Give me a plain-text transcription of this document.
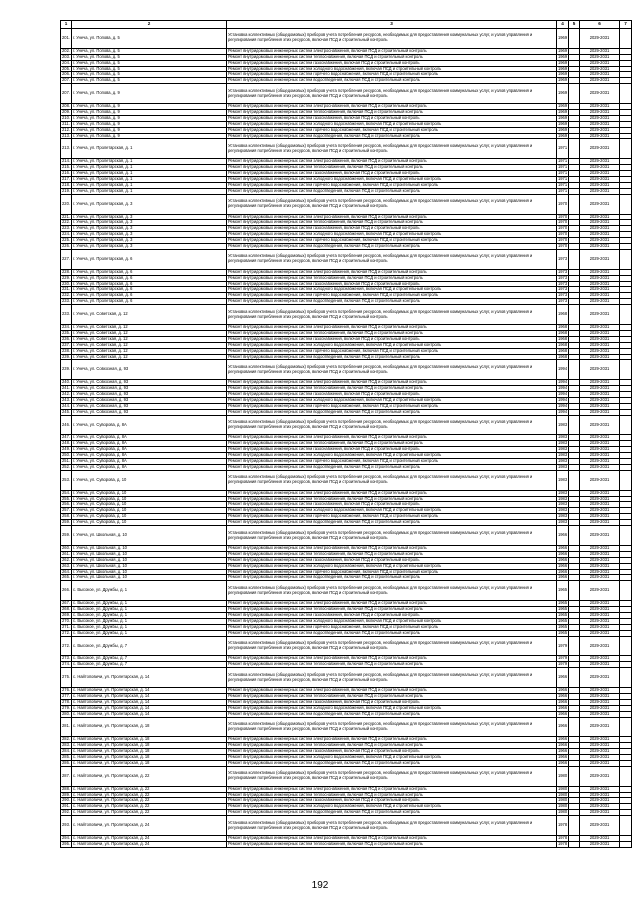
1	2	3	4	5	6	7
201.	г. Унеча, ул. Попова, д. 5	Установка коллективных (общедомовых) приборов учета потребления ресурсов, необходимых для предоставления коммунальных услуг, и узлов управления и регулирования потребления этих ресурсов, включая ПСД и строительный контроль	1969		2029-2031	
202.	г. Унеча, ул. Попова, д. 5	Ремонт внутридомовых инженерных систем электроснабжения, включая ПСД и строительный контроль	1969		2029-2031	
203.	г. Унеча, ул. Попова, д. 5	Ремонт внутридомовых инженерных систем теплоснабжения, включая ПСД и строительный контроль	1969		2029-2031	
204.	г. Унеча, ул. Попова, д. 5	Ремонт внутридомовых инженерных систем газоснабжения, включая ПСД и строительный контроль	1969		2029-2031	
205.	г. Унеча, ул. Попова, д. 5	Ремонт внутридомовых инженерных систем холодного водоснабжения, включая ПСД и строительный контроль	1969		2029-2031	
206.	г. Унеча, ул. Попова, д. 5	Ремонт внутридомовых инженерных систем горячего водоснабжения, включая ПСД и строительный контроль	1969		2029-2031	
207.	г. Унеча, ул. Попова, д. 5	Ремонт внутридомовых инженерных систем водоотведения, включая ПСД и строительный контроль	1969		2029-2031	
207.	г. Унеча, ул. Попова, д. 9	Установка коллективных (общедомовых) приборов учета потребления ресурсов, необходимых для предоставления коммунальных услуг, и узлов управления и регулирования потребления этих ресурсов, включая ПСД и строительный контроль	1969		2029-2031	
208.	г. Унеча, ул. Попова, д. 9	Ремонт внутридомовых инженерных систем электроснабжения, включая ПСД и строительный контроль	1969		2029-2031	
209.	г. Унеча, ул. Попова, д. 9	Ремонт внутридомовых инженерных систем теплоснабжения, включая ПСД и строительный контроль	1969		2029-2031	
210.	г. Унеча, ул. Попова, д. 9	Ремонт внутридомовых инженерных систем газоснабжения, включая ПСД и строительный контроль	1969		2029-2031	
211.	г. Унеча, ул. Попова, д. 9	Ремонт внутридомовых инженерных систем холодного водоснабжения, включая ПСД и строительный контроль	1969		2029-2031	
212.	г. Унеча, ул. Попова, д. 9	Ремонт внутридомовых инженерных систем горячего водоснабжения, включая ПСД и строительный контроль	1969		2029-2031	
213.	г. Унеча, ул. Попова, д. 9	Ремонт внутридомовых инженерных систем водоотведения, включая ПСД и строительный контроль	1969		2029-2031	
213.	г. Унеча, ул. Пролетарская, д. 1	Установка коллективных (общедомовых) приборов учета потребления ресурсов, необходимых для предоставления коммунальных услуг, и узлов управления и регулирования потребления этих ресурсов, включая ПСД и строительный контроль	1971		2029-2031	
214.	г. Унеча, ул. Пролетарская, д. 1	Ремонт внутридомовых инженерных систем электроснабжения, включая ПСД и строительный контроль	1971		2029-2031	
215.	г. Унеча, ул. Пролетарская, д. 1	Ремонт внутридомовых инженерных систем теплоснабжения, включая ПСД и строительный контроль	1971		2029-2031	
216.	г. Унеча, ул. Пролетарская, д. 1	Ремонт внутридомовых инженерных систем газоснабжения, включая ПСД и строительный контроль	1971		2029-2031	
217.	г. Унеча, ул. Пролетарская, д. 1	Ремонт внутридомовых инженерных систем холодного водоснабжения, включая ПСД и строительный контроль	1971		2029-2031	
218.	г. Унеча, ул. Пролетарская, д. 1	Ремонт внутридомовых инженерных систем горячего водоснабжения, включая ПСД и строительный контроль	1971		2029-2031	
219.	г. Унеча, ул. Пролетарская, д. 1	Ремонт внутридомовых инженерных систем водоотведения, включая ПСД и строительный контроль	1971		2029-2031	
220.	г. Унеча, ул. Пролетарская, д. 3	Установка коллективных (общедомовых) приборов учета потребления ресурсов, необходимых для предоставления коммунальных услуг, и узлов управления и регулирования потребления этих ресурсов, включая ПСД и строительный контроль	1970		2029-2031	
221.	г. Унеча, ул. Пролетарская, д. 3	Ремонт внутридомовых инженерных систем электроснабжения, включая ПСД и строительный контроль	1970		2029-2031	
222.	г. Унеча, ул. Пролетарская, д. 3	Ремонт внутридомовых инженерных систем теплоснабжения, включая ПСД и строительный контроль	1970		2029-2031	
223.	г. Унеча, ул. Пролетарская, д. 3	Ремонт внутридомовых инженерных систем газоснабжения, включая ПСД и строительный контроль	1970		2029-2031	
224.	г. Унеча, ул. Пролетарская, д. 3	Ремонт внутридомовых инженерных систем холодного водоснабжения, включая ПСД и строительный контроль	1970		2029-2031	
225.	г. Унеча, ул. Пролетарская, д. 3	Ремонт внутридомовых инженерных систем горячего водоснабжения, включая ПСД и строительный контроль	1970		2029-2031	
226.	г. Унеча, ул. Пролетарская, д. 3	Ремонт внутридомовых инженерных систем водоотведения, включая ПСД и строительный контроль	1970		2029-2031	
227.	г. Унеча, ул. Пролетарская, д. 6	Установка коллективных (общедомовых) приборов учета потребления ресурсов, необходимых для предоставления коммунальных услуг, и узлов управления и регулирования потребления этих ресурсов, включая ПСД и строительный контроль	1973		2029-2031	
228.	г. Унеча, ул. Пролетарская, д. 6	Ремонт внутридомовых инженерных систем электроснабжения, включая ПСД и строительный контроль	1973		2029-2031	
229.	г. Унеча, ул. Пролетарская, д. 6	Ремонт внутридомовых инженерных систем теплоснабжения, включая ПСД и строительный контроль	1973		2029-2031	
230.	г. Унеча, ул. Пролетарская, д. 6	Ремонт внутридомовых инженерных систем газоснабжения, включая ПСД и строительный контроль	1973		2029-2031	
231.	г. Унеча, ул. Пролетарская, д. 6	Ремонт внутридомовых инженерных систем холодного водоснабжения, включая ПСД и строительный контроль	1973		2029-2031	
232.	г. Унеча, ул. Пролетарская, д. 6	Ремонт внутридомовых инженерных систем горячего водоснабжения, включая ПСД и строительный контроль	1973		2029-2031	
233.	г. Унеча, ул. Пролетарская, д. 6	Ремонт внутридомовых инженерных систем водоотведения, включая ПСД и строительный контроль	1973		2029-2031	
233.	г. Унеча, ул. Советская, д. 12	Установка коллективных (общедомовых) приборов учета потребления ресурсов, необходимых для предоставления коммунальных услуг, и узлов управления и регулирования потребления этих ресурсов, включая ПСД и строительный контроль	1968		2029-2031	
234.	г. Унеча, ул. Советская, д. 12	Ремонт внутридомовых инженерных систем электроснабжения, включая ПСД и строительный контроль	1968		2029-2031	
235.	г. Унеча, ул. Советская, д. 12	Ремонт внутридомовых инженерных систем теплоснабжения, включая ПСД и строительный контроль	1968		2029-2031	
236.	г. Унеча, ул. Советская, д. 12	Ремонт внутридомовых инженерных систем газоснабжения, включая ПСД и строительный контроль	1968		2029-2031	
237.	г. Унеча, ул. Советская, д. 12	Ремонт внутридомовых инженерных систем холодного водоснабжения, включая ПСД и строительный контроль	1968		2029-2031	
238.	г. Унеча, ул. Советская, д. 12	Ремонт внутридомовых инженерных систем горячего водоснабжения, включая ПСД и строительный контроль	1968		2029-2031	
239.	г. Унеча, ул. Советская, д. 12	Ремонт внутридомовых инженерных систем водоотведения, включая ПСД и строительный контроль	1968		2029-2031	
239.	г. Унеча, ул. Совхозная, д. 93	Установка коллективных (общедомовых) приборов учета потребления ресурсов, необходимых для предоставления коммунальных услуг, и узлов управления и регулирования потребления этих ресурсов, включая ПСД и строительный контроль	1994		2029-2031	
240.	г. Унеча, ул. Совхозная, д. 93	Ремонт внутридомовых инженерных систем электроснабжения, включая ПСД и строительный контроль	1994		2029-2031	
241.	г. Унеча, ул. Совхозная, д. 93	Ремонт внутридомовых инженерных систем теплоснабжения, включая ПСД и строительный контроль	1994		2029-2031	
242.	г. Унеча, ул. Совхозная, д. 93	Ремонт внутридомовых инженерных систем газоснабжения, включая ПСД и строительный контроль	1994		2029-2031	
243.	г. Унеча, ул. Совхозная, д. 93	Ремонт внутридомовых инженерных систем холодного водоснабжения, включая ПСД и строительный контроль	1994		2029-2031	
244.	г. Унеча, ул. Совхозная, д. 93	Ремонт внутридомовых инженерных систем горячего водоснабжения, включая ПСД и строительный контроль	1994		2029-2031	
245.	г. Унеча, ул. Совхозная, д. 93	Ремонт внутридомовых инженерных систем водоотведения, включая ПСД и строительный контроль	1994		2029-2031	
246.	г. Унеча, ул. Суворова, д. 8А	Установка коллективных (общедомовых) приборов учета потребления ресурсов, необходимых для предоставления коммунальных услуг, и узлов управления и регулирования потребления этих ресурсов, включая ПСД и строительный контроль	1983		2029-2031	
247.	г. Унеча, ул. Суворова, д. 8А	Ремонт внутридомовых инженерных систем электроснабжения, включая ПСД и строительный контроль	1983		2029-2031	
248.	г. Унеча, ул. Суворова, д. 8А	Ремонт внутридомовых инженерных систем теплоснабжения, включая ПСД и строительный контроль	1983		2029-2031	
249.	г. Унеча, ул. Суворова, д. 8А	Ремонт внутридомовых инженерных систем газоснабжения, включая ПСД и строительный контроль	1983		2029-2031	
250.	г. Унеча, ул. Суворова, д. 8А	Ремонт внутридомовых инженерных систем холодного водоснабжения, включая ПСД и строительный контроль	1983		2029-2031	
251.	г. Унеча, ул. Суворова, д. 8А	Ремонт внутридомовых инженерных систем горячего водоснабжения, включая ПСД и строительный контроль	1983		2029-2031	
252.	г. Унеча, ул. Суворова, д. 8А	Ремонт внутридомовых инженерных систем водоотведения, включая ПСД и строительный контроль	1983		2029-2031	
253.	г. Унеча, ул. Суворова, д. 10	Установка коллективных (общедомовых) приборов учета потребления ресурсов, необходимых для предоставления коммунальных услуг, и узлов управления и регулирования потребления этих ресурсов, включая ПСД и строительный контроль	1983		2029-2031	
254.	г. Унеча, ул. Суворова, д. 10	Ремонт внутридомовых инженерных систем электроснабжения, включая ПСД и строительный контроль	1983		2029-2031	
255.	г. Унеча, ул. Суворова, д. 10	Ремонт внутридомовых инженерных систем теплоснабжения, включая ПСД и строительный контроль	1983		2029-2031	
256.	г. Унеча, ул. Суворова, д. 10	Ремонт внутридомовых инженерных систем газоснабжения, включая ПСД и строительный контроль	1983		2029-2031	
257.	г. Унеча, ул. Суворова, д. 10	Ремонт внутридомовых инженерных систем холодного водоснабжения, включая ПСД и строительный контроль	1983		2029-2031	
258.	г. Унеча, ул. Суворова, д. 10	Ремонт внутридомовых инженерных систем горячего водоснабжения, включая ПСД и строительный контроль	1983		2029-2031	
259.	г. Унеча, ул. Суворова, д. 10	Ремонт внутридомовых инженерных систем водоотведения, включая ПСД и строительный контроль	1983		2029-2031	
259.	г. Унеча, ул. Школьная, д. 10	Установка коллективных (общедомовых) приборов учета потребления ресурсов, необходимых для предоставления коммунальных услуг, и узлов управления и регулирования потребления этих ресурсов, включая ПСД и строительный контроль	1966		2029-2031	
260.	г. Унеча, ул. Школьная, д. 10	Ремонт внутридомовых инженерных систем электроснабжения, включая ПСД и строительный контроль	1966		2029-2031	
261.	г. Унеча, ул. Школьная, д. 10	Ремонт внутридомовых инженерных систем теплоснабжения, включая ПСД и строительный контроль	1966		2029-2031	
262.	г. Унеча, ул. Школьная, д. 10	Ремонт внутридомовых инженерных систем газоснабжения, включая ПСД и строительный контроль	1966		2029-2031	
263.	г. Унеча, ул. Школьная, д. 10	Ремонт внутридомовых инженерных систем холодного водоснабжения, включая ПСД и строительный контроль	1966		2029-2031	
264.	г. Унеча, ул. Школьная, д. 10	Ремонт внутридомовых инженерных систем горячего водоснабжения, включая ПСД и строительный контроль	1966		2029-2031	
265.	г. Унеча, ул. Школьная, д. 10	Ремонт внутридомовых инженерных систем водоотведения, включая ПСД и строительный контроль	1966		2029-2031	
266.	с. Высокое, ул. Дружбы, д. 1	Установка коллективных (общедомовых) приборов учета потребления ресурсов, необходимых для предоставления коммунальных услуг, и узлов управления и регулирования потребления этих ресурсов, включая ПСД и строительный контроль	1965		2029-2031	
267.	с. Высокое, ул. Дружбы, д. 1	Ремонт внутридомовых инженерных систем электроснабжения, включая ПСД и строительный контроль	1965		2029-2031	
268.	с. Высокое, ул. Дружбы, д. 1	Ремонт внутридомовых инженерных систем теплоснабжения, включая ПСД и строительный контроль	1965		2029-2031	
269.	с. Высокое, ул. Дружбы, д. 1	Ремонт внутридомовых инженерных систем газоснабжения, включая ПСД и строительный контроль	1965		2029-2031	
270.	с. Высокое, ул. Дружбы, д. 1	Ремонт внутридомовых инженерных систем холодного водоснабжения, включая ПСД и строительный контроль	1965		2029-2031	
271.	с. Высокое, ул. Дружбы, д. 1	Ремонт внутридомовых инженерных систем горячего водоснабжения, включая ПСД и строительный контроль	1965		2029-2031	
272.	с. Высокое, ул. Дружбы, д. 1	Ремонт внутридомовых инженерных систем водоотведения, включая ПСД и строительный контроль	1965		2029-2031	
272.	с. Высокое, ул. Дружбы, д. 7	Установка коллективных (общедомовых) приборов учета потребления ресурсов, необходимых для предоставления коммунальных услуг, и узлов управления и регулирования потребления этих ресурсов, включая ПСД и строительный контроль	1979		2029-2031	
273.	с. Высокое, ул. Дружбы, д. 7	Ремонт внутридомовых инженерных систем электроснабжения, включая ПСД и строительный контроль	1979		2029-2031	
274.	с. Высокое, ул. Дружбы, д. 7	Ремонт внутридомовых инженерных систем теплоснабжения, включая ПСД и строительный контроль	1979		2029-2031	
275.	с. Найтоповичи, ул. Пролетарская, д. 14	Установка коллективных (общедомовых) приборов учета потребления ресурсов, необходимых для предоставления коммунальных услуг, и узлов управления и регулирования потребления этих ресурсов, включая ПСД и строительный контроль	1966		2029-2031	
276.	с. Найтоповичи, ул. Пролетарская, д. 14	Ремонт внутридомовых инженерных систем электроснабжения, включая ПСД и строительный контроль	1966		2029-2031	
277.	с. Найтоповичи, ул. Пролетарская, д. 14	Ремонт внутридомовых инженерных систем теплоснабжения, включая ПСД и строительный контроль	1966		2029-2031	
278.	с. Найтоповичи, ул. Пролетарская, д. 14	Ремонт внутридомовых инженерных систем газоснабжения, включая ПСД и строительный контроль	1966		2029-2031	
279.	с. Найтоповичи, ул. Пролетарская, д. 14	Ремонт внутридомовых инженерных систем холодного водоснабжения, включая ПСД и строительный контроль	1966		2029-2031	
280.	с. Найтоповичи, ул. Пролетарская, д. 14	Ремонт внутридомовых инженерных систем водоотведения, включая ПСД и строительный контроль	1966		2029-2031	
281.	с. Найтоповичи, ул. Пролетарская, д. 18	Установка коллективных (общедомовых) приборов учета потребления ресурсов, необходимых для предоставления коммунальных услуг, и узлов управления и регулирования потребления этих ресурсов, включая ПСД и строительный контроль	1966		2029-2031	
282.	с. Найтоповичи, ул. Пролетарская, д. 18	Ремонт внутридомовых инженерных систем электроснабжения, включая ПСД и строительный контроль	1966		2029-2031	
283.	с. Найтоповичи, ул. Пролетарская, д. 18	Ремонт внутридомовых инженерных систем теплоснабжения, включая ПСД и строительный контроль	1966		2029-2031	
284.	с. Найтоповичи, ул. Пролетарская, д. 18	Ремонт внутридомовых инженерных систем газоснабжения, включая ПСД и строительный контроль	1966		2029-2031	
285.	с. Найтоповичи, ул. Пролетарская, д. 18	Ремонт внутридомовых инженерных систем холодного водоснабжения, включая ПСД и строительный контроль	1966		2029-2031	
286.	с. Найтоповичи, ул. Пролетарская, д. 18	Ремонт внутридомовых инженерных систем водоотведения, включая ПСД и строительный контроль	1966		2029-2031	
287.	с. Найтоповичи, ул. Пролетарская, д. 22	Установка коллективных (общедомовых) приборов учета потребления ресурсов, необходимых для предоставления коммунальных услуг, и узлов управления и регулирования потребления этих ресурсов, включая ПСД и строительный контроль	1980		2029-2031	
288.	с. Найтоповичи, ул. Пролетарская, д. 22	Ремонт внутридомовых инженерных систем электроснабжения, включая ПСД и строительный контроль	1980		2029-2031	
289.	с. Найтоповичи, ул. Пролетарская, д. 22	Ремонт внутридомовых инженерных систем теплоснабжения, включая ПСД и строительный контроль	1980		2029-2031	
290.	с. Найтоповичи, ул. Пролетарская, д. 22	Ремонт внутридомовых инженерных систем газоснабжения, включая ПСД и строительный контроль	1980		2029-2031	
291.	с. Найтоповичи, ул. Пролетарская, д. 22	Ремонт внутридомовых инженерных систем холодного водоснабжения, включая ПСД и строительный контроль	1980		2029-2031	
292.	с. Найтоповичи, ул. Пролетарская, д. 22	Ремонт внутридомовых инженерных систем водоотведения, включая ПСД и строительный контроль	1980		2029-2031	
293.	с. Найтоповичи, ул. Пролетарская, д. 24	Установка коллективных (общедомовых) приборов учета потребления ресурсов, необходимых для предоставления коммунальных услуг, и узлов управления и регулирования потребления этих ресурсов, включая ПСД и строительный контроль	1978		2029-2031	
294.	с. Найтоповичи, ул. Пролетарская, д. 24	Ремонт внутридомовых инженерных систем электроснабжения, включая ПСД и строительный контроль	1978		2029-2031	
295.	с. Найтоповичи, ул. Пролетарская, д. 24	Ремонт внутридомовых инженерных систем теплоснабжения, включая ПСД и строительный контроль	1978		2029-2031	
192
